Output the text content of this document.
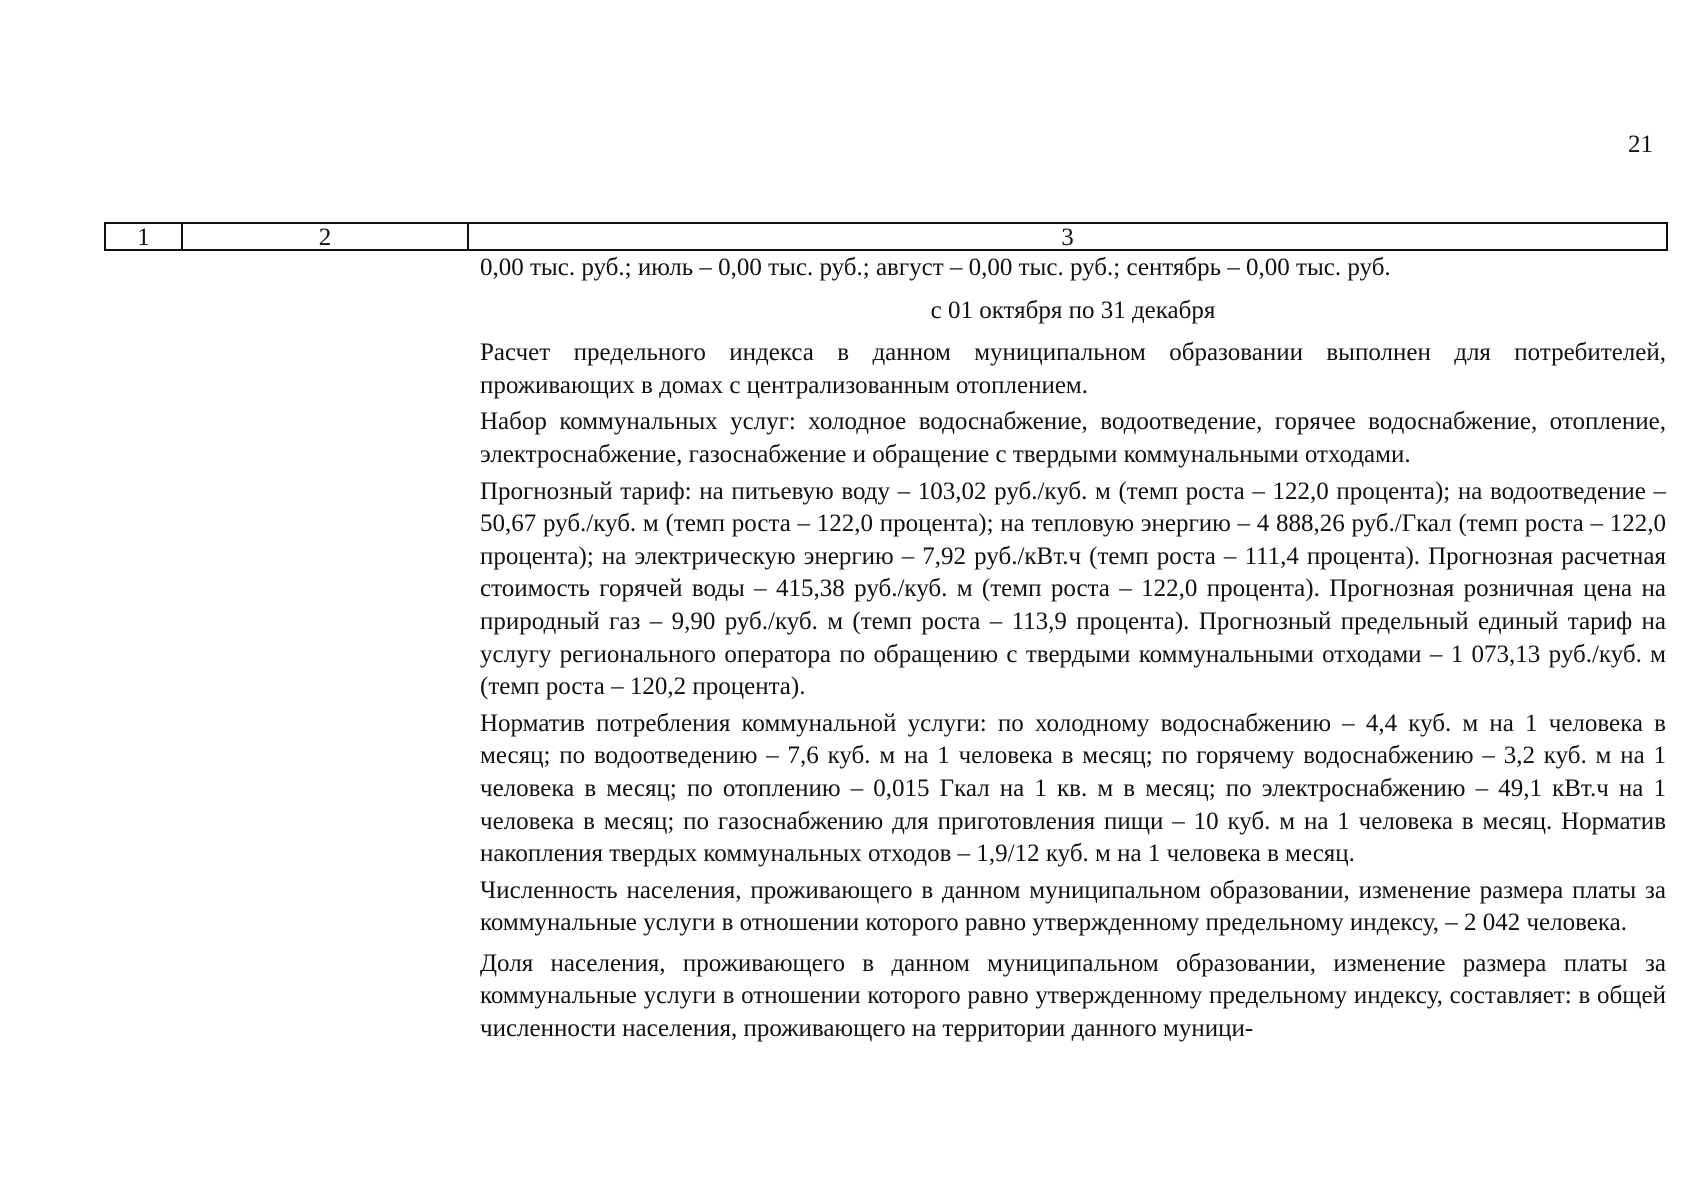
21
1	2	3

0,00 тыс. руб.; июль – 0,00 тыс. руб.; август – 0,00 тыс. руб.; сентябрь – 0,00 тыс. руб.

с 01 октября по 31 декабря

Расчет предельного индекса в данном муниципальном образовании выполнен для потребителей, проживающих в домах с централизованным отоплением.

Набор коммунальных услуг: холодное водоснабжение, водоотведение, горячее водоснабжение, отопление, электроснабжение, газоснабжение и обращение с твердыми коммунальными отходами.

Прогнозный тариф: на питьевую воду – 103,02 руб./куб. м (темп роста – 122,0 процента); на водоотведение – 50,67 руб./куб. м (темп роста – 122,0 процента); на тепловую энергию – 4 888,26 руб./Гкал (темп роста – 122,0 процента); на электрическую энергию – 7,92 руб./кВт.ч (темп роста – 111,4 процента). Прогнозная расчетная стоимость горячей воды – 415,38 руб./куб. м (темп роста – 122,0 процента). Прогнозная розничная цена на природный газ – 9,90 руб./куб. м (темп роста – 113,9 процента). Прогнозный предельный единый тариф на услугу регионального оператора по обращению с твердыми коммунальными отходами – 1 073,13 руб./куб. м (темп роста – 120,2 процента).

Норматив потребления коммунальной услуги: по холодному водоснабжению – 4,4 куб. м на 1 человека в месяц; по водоотведению – 7,6 куб. м на 1 человека в месяц; по горячему водоснабжению – 3,2 куб. м на 1 человека в месяц; по отоплению – 0,015 Гкал на 1 кв. м в месяц; по электроснабжению – 49,1 кВт.ч на 1 человека в месяц; по газоснабжению для приготовления пищи – 10 куб. м на 1 человека в месяц. Норматив накопления твердых коммунальных отходов – 1,9/12 куб. м на 1 человека в месяц.

Численность населения, проживающего в данном муниципальном образовании, изменение размера платы за коммунальные услуги в отношении которого равно утвержденному предельному индексу, – 2 042 человека.

Доля населения, проживающего в данном муниципальном образовании, изменение размера платы за коммунальные услуги в отношении которого равно утвержденному предельному индексу, составляет: в общей численности населения, проживающего на территории данного муници-
